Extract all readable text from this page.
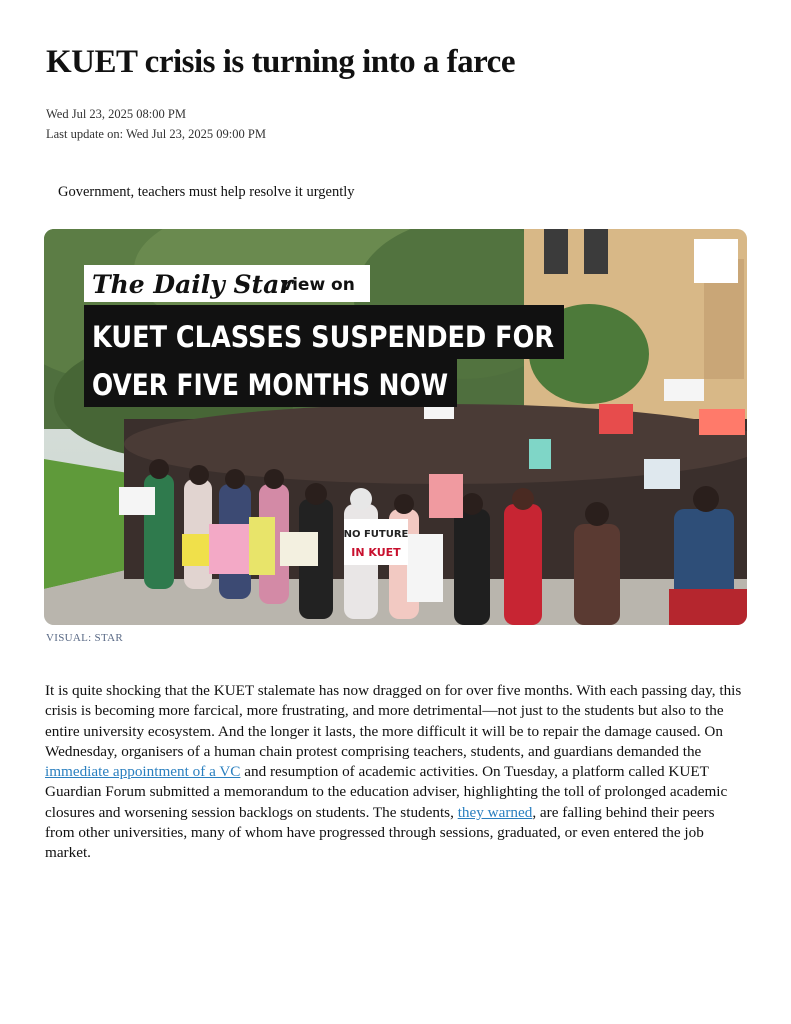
KUET crisis is turning into a farce
Wed Jul 23, 2025 08:00 PM
Last update on: Wed Jul 23, 2025 09:00 PM
Government, teachers must help resolve it urgently
NO FUTURE
IN KUET
The Daily Star
view on
KUET CLASSES SUSPENDED FOR
OVER FIVE MONTHS NOW
VISUAL: STAR

It is quite shocking that the KUET stalemate has now dragged on for over five months. With each passing day, this crisis is becoming more farcical, more frustrating, and more detrimental—not just to the students but also to the entire university ecosystem. And the longer it lasts, the more difficult it will be to repair the damage caused. On Wednesday, organisers of a human chain protest comprising teachers, students, and guardians demanded the immediate appointment of a VC and resumption of academic activities. On Tuesday, a platform called KUET Guardian Forum submitted a memorandum to the education adviser, highlighting the toll of prolonged academic closures and worsening session backlogs on students. The students, they warned, are falling behind their peers from other universities, many of whom have progressed through sessions, graduated, or even entered the job market.
